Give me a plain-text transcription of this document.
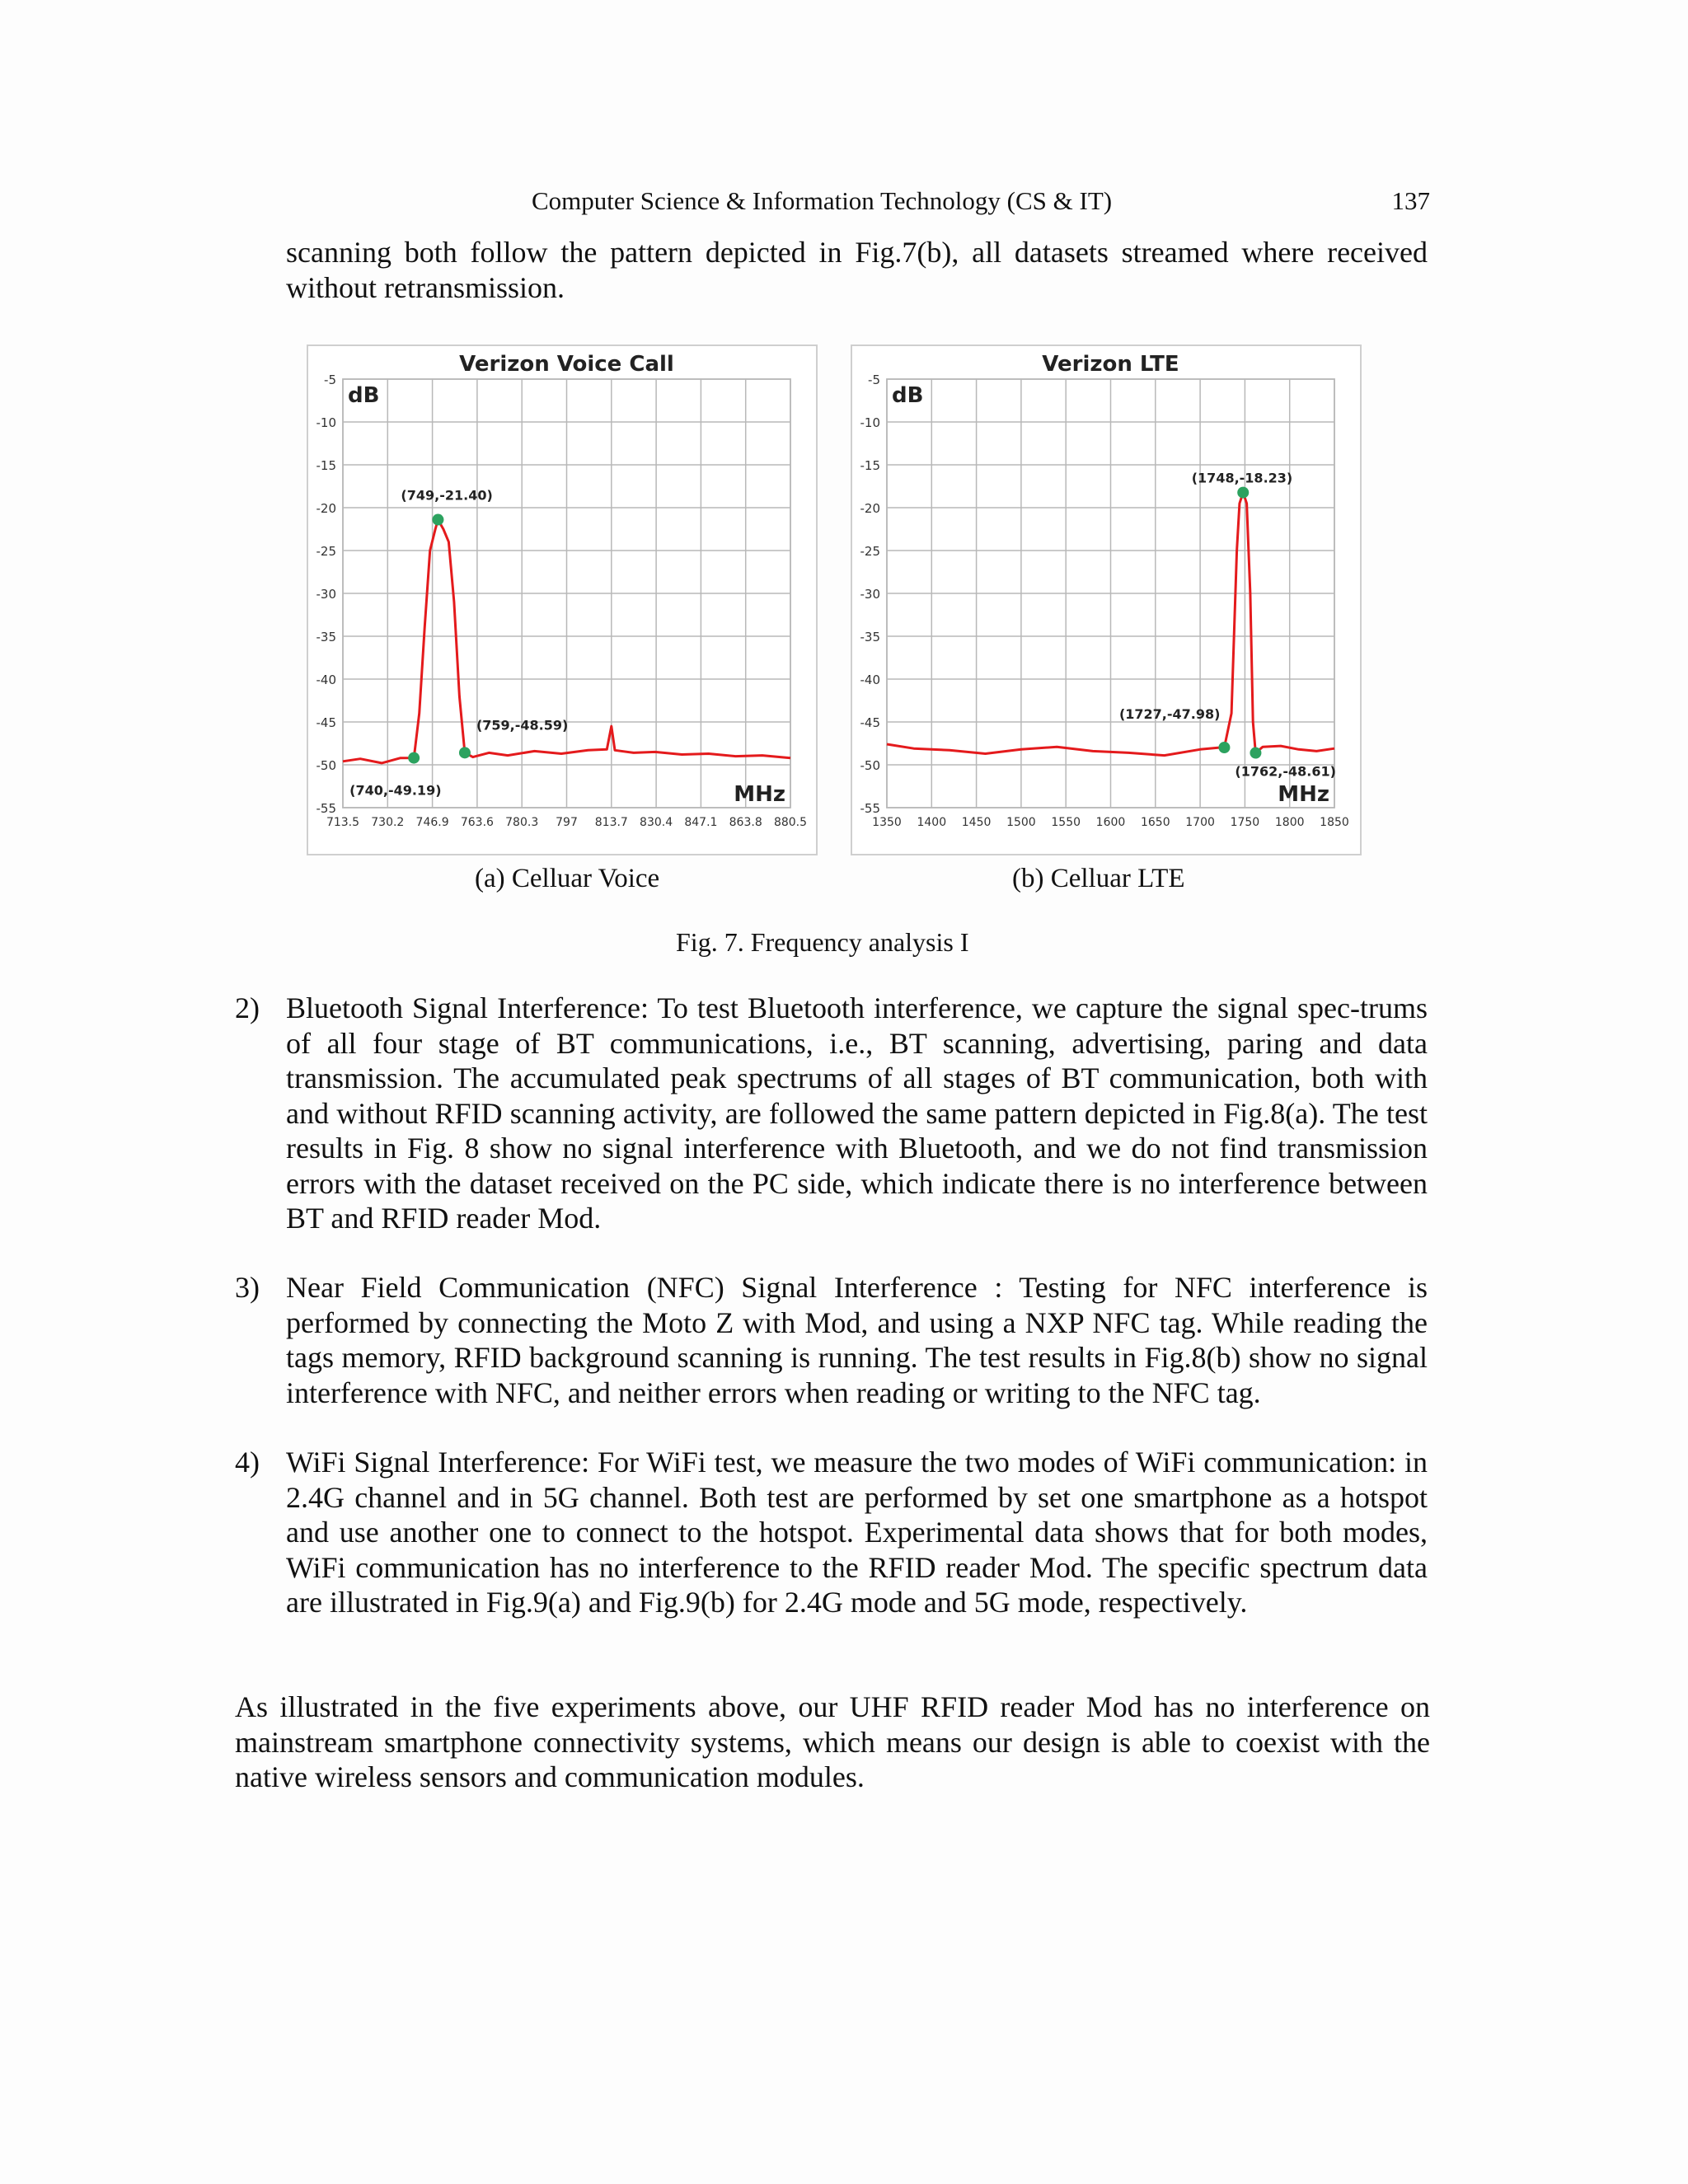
Computer Science & Information Technology (CS & IT)	137
scanning both follow the pattern depicted in Fig.7(b), all datasets streamed where received without retransmission.
-5
-10
-15
-20
-25
-30
-35
-40
-45
-50
-55
713.5 730.2 746.9 763.6 780.3 797 813.7 830.4 847.1 863.8 880.5
Verizon Voice Call
dB
MHz
(749,-21.40)
(740,-49.19)
(759,-48.59)
-5
-10
-15
-20
-25
-30
-35
-40
-45
-50
-55
1350 1400 1450 1500 1550 1600 1650 1700 1750 1800 1850
Verizon LTE
dB
MHz
(1748,-18.23)
(1727,-47.98)
(1762,-48.61)
(a) Celluar Voice	(b) Celluar LTE
Fig. 7. Frequency analysis I
2) Bluetooth Signal Interference: To test Bluetooth interference, we capture the signal spec-trums of all four stage of BT communications, i.e., BT scanning, advertising, paring and data transmission. The accumulated peak spectrums of all stages of BT communication, both with and without RFID scanning activity, are followed the same pattern depicted in Fig.8(a). The test results in Fig. 8 show no signal interference with Bluetooth, and we do not find transmission errors with the dataset received on the PC side, which indicate there is no interference between BT and RFID reader Mod.
3) Near Field Communication (NFC) Signal Interference : Testing for NFC interference is performed by connecting the Moto Z with Mod, and using a NXP NFC tag. While reading the tags memory, RFID background scanning is running. The test results in Fig.8(b) show no signal interference with NFC, and neither errors when reading or writing to the NFC tag.
4) WiFi Signal Interference: For WiFi test, we measure the two modes of WiFi communication: in 2.4G channel and in 5G channel. Both test are performed by set one smartphone as a hotspot and use another one to connect to the hotspot. Experimental data shows that for both modes, WiFi communication has no interference to the RFID reader Mod. The specific spectrum data are illustrated in Fig.9(a) and Fig.9(b) for 2.4G mode and 5G mode, respectively.
As illustrated in the five experiments above, our UHF RFID reader Mod has no interference on mainstream smartphone connectivity systems, which means our design is able to coexist with the native wireless sensors and communication modules.
